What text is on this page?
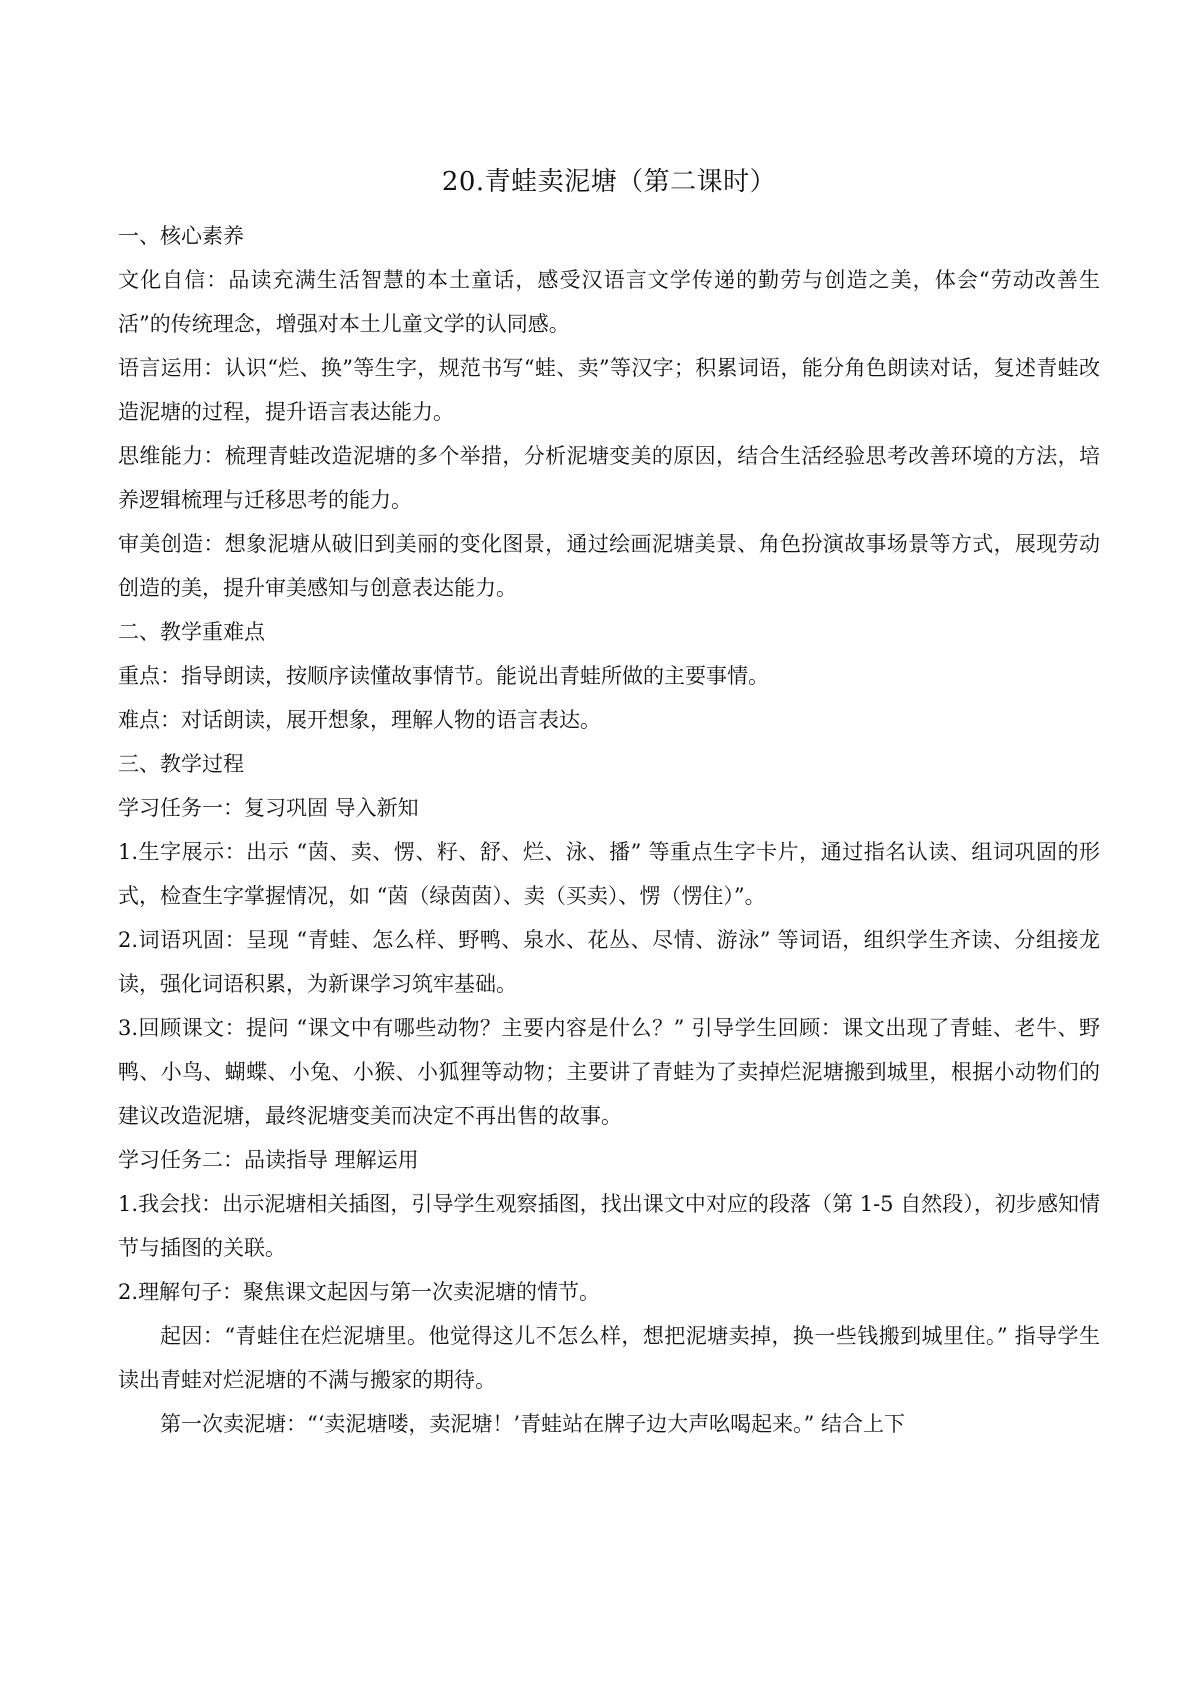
20.青蛙卖泥塘（第二课时）
一、核心素养

文化自信：品读充满生活智慧的本土童话，感受汉语言文学传递的勤劳与创造之美，体会“劳动改善生活”的传统理念，增强对本土儿童文学的认同感。

语言运用：认识“烂、换”等生字，规范书写“蛙、卖”等汉字；积累词语，能分角色朗读对话，复述青蛙改造泥塘的过程，提升语言表达能力。

思维能力：梳理青蛙改造泥塘的多个举措，分析泥塘变美的原因，结合生活经验思考改善环境的方法，培养逻辑梳理与迁移思考的能力。

审美创造：想象泥塘从破旧到美丽的变化图景，通过绘画泥塘美景、角色扮演故事场景等方式，展现劳动创造的美，提升审美感知与创意表达能力。

二、教学重难点

重点：指导朗读，按顺序读懂故事情节。能说出青蛙所做的主要事情。

难点：对话朗读，展开想象，理解人物的语言表达。

三、教学过程

学习任务一：复习巩固 导入新知

1.生字展示：出示 “茵、卖、愣、籽、舒、烂、泳、播” 等重点生字卡片，通过指名认读、组词巩固的形式，检查生字掌握情况，如 “茵（绿茵茵）、卖（买卖）、愣（愣住）”。

2.词语巩固：呈现 “青蛙、怎么样、野鸭、泉水、花丛、尽情、游泳” 等词语，组织学生齐读、分组接龙读，强化词语积累，为新课学习筑牢基础。

3.回顾课文：提问 “课文中有哪些动物？主要内容是什么？” 引导学生回顾：课文出现了青蛙、老牛、野鸭、小鸟、蝴蝶、小兔、小猴、小狐狸等动物；主要讲了青蛙为了卖掉烂泥塘搬到城里，根据小动物们的建议改造泥塘，最终泥塘变美而决定不再出售的故事。

学习任务二：品读指导 理解运用

1.我会找：出示泥塘相关插图，引导学生观察插图，找出课文中对应的段落（第 1-5 自然段），初步感知情节与插图的关联。

2.理解句子：聚焦课文起因与第一次卖泥塘的情节。

起因：“青蛙住在烂泥塘里。他觉得这儿不怎么样，想把泥塘卖掉，换一些钱搬到城里住。” 指导学生读出青蛙对烂泥塘的不满与搬家的期待。

第一次卖泥塘：“‘卖泥塘喽，卖泥塘！’青蛙站在牌子边大声吆喝起来。” 结合上下
